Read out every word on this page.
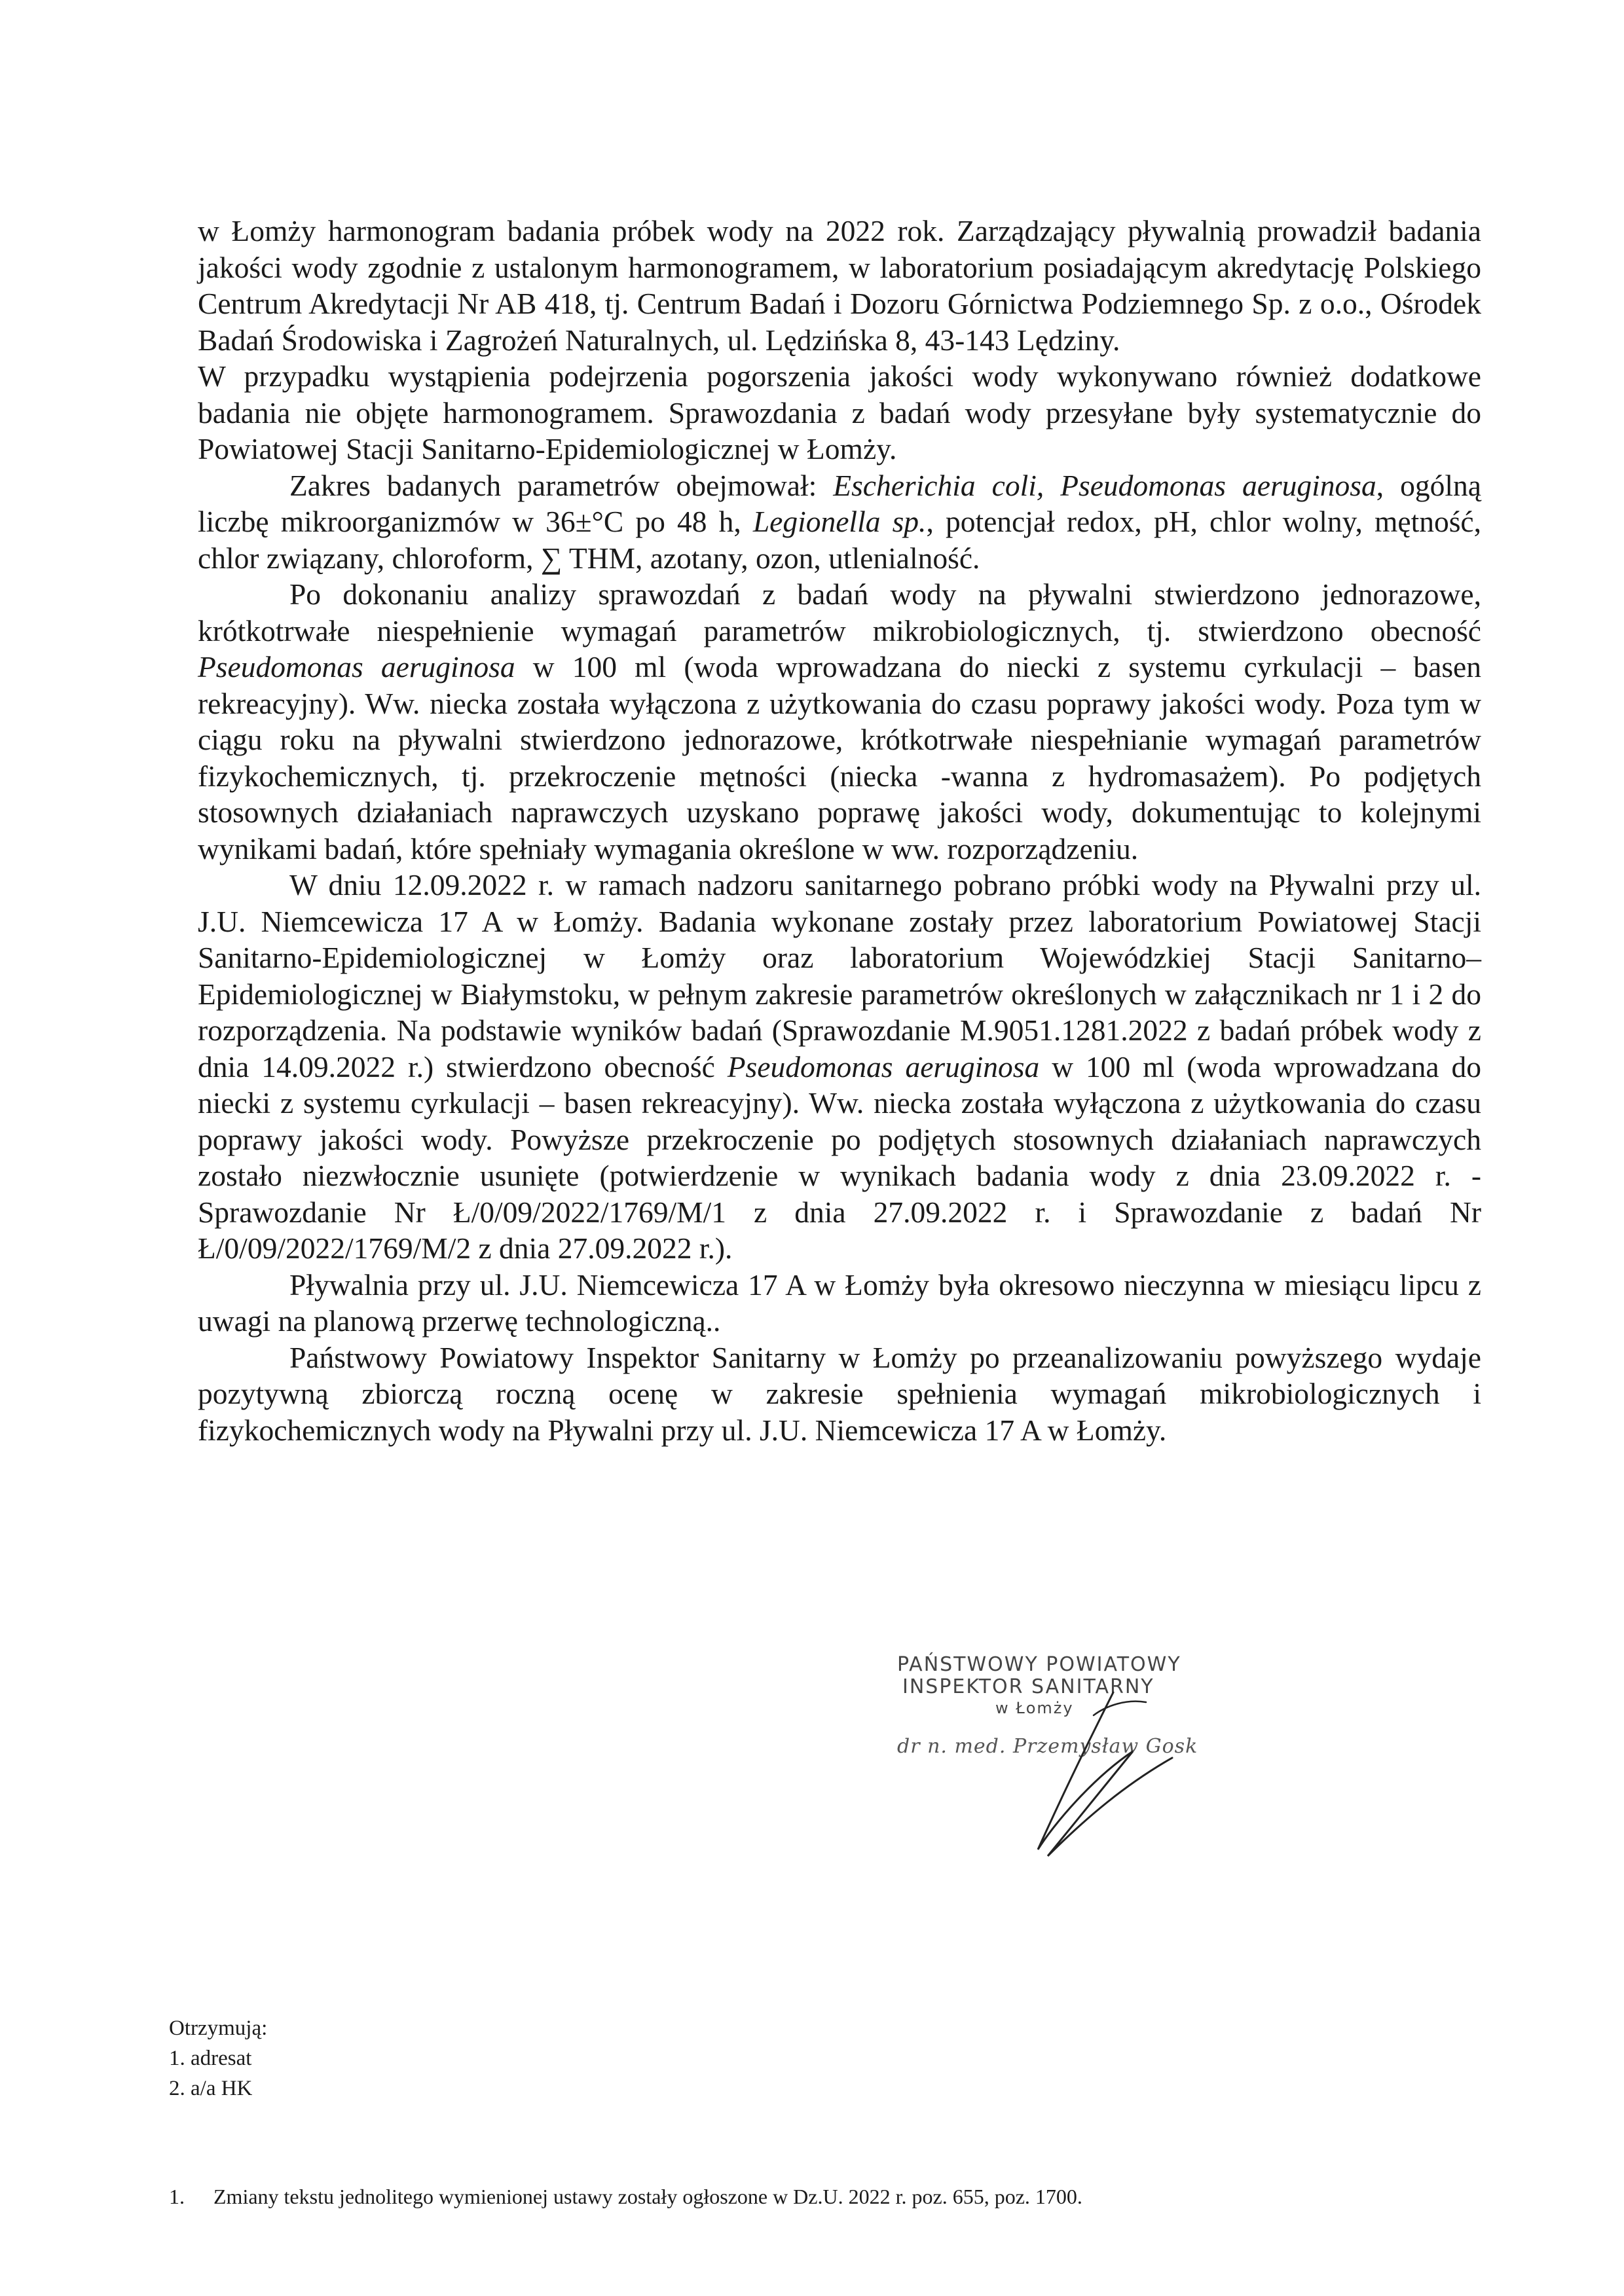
w Łomży harmonogram badania próbek wody na 2022 rok. Zarządzający pływalnią prowadził badania jakości wody zgodnie z ustalonym harmonogramem, w laboratorium posiadającym akredytację Polskiego Centrum Akredytacji Nr AB 418, tj. Centrum Badań i Dozoru Górnictwa Podziemnego Sp. z o.o., Ośrodek Badań Środowiska i Zagrożeń Naturalnych, ul. Lędzińska 8, 43-143 Lędziny.

W przypadku wystąpienia podejrzenia pogorszenia jakości wody wykonywano również dodatkowe badania nie objęte harmonogramem. Sprawozdania z badań wody przesyłane były systematycznie do Powiatowej Stacji Sanitarno-Epidemiologicznej w Łomży.

Zakres badanych parametrów obejmował: Escherichia coli, Pseudomonas aeruginosa, ogólną liczbę mikroorganizmów w 36±°C po 48 h, Legionella sp., potencjał redox, pH, chlor wolny, mętność, chlor związany, chloroform, ∑ THM, azotany, ozon, utlenialność.

Po dokonaniu analizy sprawozdań z badań wody na pływalni stwierdzono jednorazowe, krótkotrwałe niespełnienie wymagań parametrów mikrobiologicznych, tj. stwierdzono obecność Pseudomonas aeruginosa w 100 ml (woda wprowadzana do niecki z systemu cyrkulacji – basen rekreacyjny). Ww. niecka została wyłączona z użytkowania do czasu poprawy jakości wody. Poza tym w ciągu roku na pływalni stwierdzono jednorazowe, krótkotrwałe niespełnianie wymagań parametrów fizykochemicznych, tj. przekroczenie mętności (niecka -wanna z hydromasażem). Po podjętych stosownych działaniach naprawczych uzyskano poprawę jakości wody, dokumentując to kolejnymi wynikami badań, które spełniały wymagania określone w ww. rozporządzeniu.

W dniu 12.09.2022 r. w ramach nadzoru sanitarnego pobrano próbki wody na Pływalni przy ul. J.U. Niemcewicza 17 A w Łomży. Badania wykonane zostały przez laboratorium Powiatowej Stacji Sanitarno-Epidemiologicznej w Łomży oraz laboratorium Wojewódzkiej Stacji Sanitarno–Epidemiologicznej w Białymstoku, w pełnym zakresie parametrów określonych w załącznikach nr 1 i 2 do rozporządzenia. Na podstawie wyników badań (Sprawozdanie M.9051.1281.2022 z badań próbek wody z dnia 14.09.2022 r.) stwierdzono obecność Pseudomonas aeruginosa w 100 ml (woda wprowadzana do niecki z systemu cyrkulacji – basen rekreacyjny). Ww. niecka została wyłączona z użytkowania do czasu poprawy jakości wody. Powyższe przekroczenie po podjętych stosownych działaniach naprawczych zostało niezwłocznie usunięte (potwierdzenie w wynikach badania wody z dnia 23.09.2022 r. - Sprawozdanie Nr Ł/0/09/2022/1769/M/1 z dnia 27.09.2022 r. i Sprawozdanie z badań Nr Ł/0/09/2022/1769/M/2 z dnia 27.09.2022 r.).

Pływalnia przy ul. J.U. Niemcewicza 17 A w Łomży była okresowo nieczynna w miesiącu lipcu z uwagi na planową przerwę technologiczną..

Państwowy Powiatowy Inspektor Sanitarny w Łomży po przeanalizowaniu powyższego wydaje pozytywną zbiorczą roczną ocenę w zakresie spełnienia wymagań mikrobiologicznych i fizykochemicznych wody na Pływalni przy ul. J.U. Niemcewicza 17 A w Łomży.

PAŃSTWOWY POWIATOWY
INSPEKTOR SANITARNY
w Łomży
dr n. med. Przemysław Gosk
Otrzymują:
1. adresat
2. a/a HK
1. Zmiany tekstu jednolitego wymienionej ustawy zostały ogłoszone w Dz.U. 2022 r. poz. 655, poz. 1700.
